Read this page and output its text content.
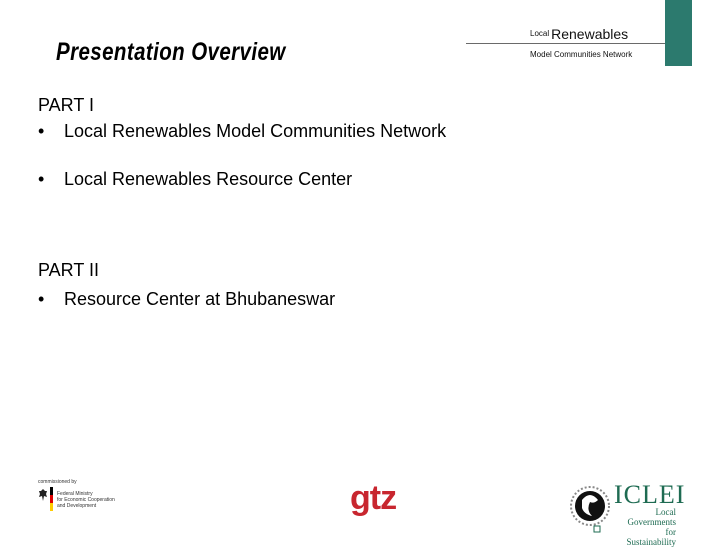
Local Renewables
Model Communities Network
Presentation Overview
PART I
• Local Renewables Model Communities Network
• Local Renewables Resource Center
PART II
• Resource Center at Bhubaneswar
commissioned by
Federal Ministry
for Economic Cooperation
and Development	gtz	ICLEI
Local
Governments
for Sustainability
